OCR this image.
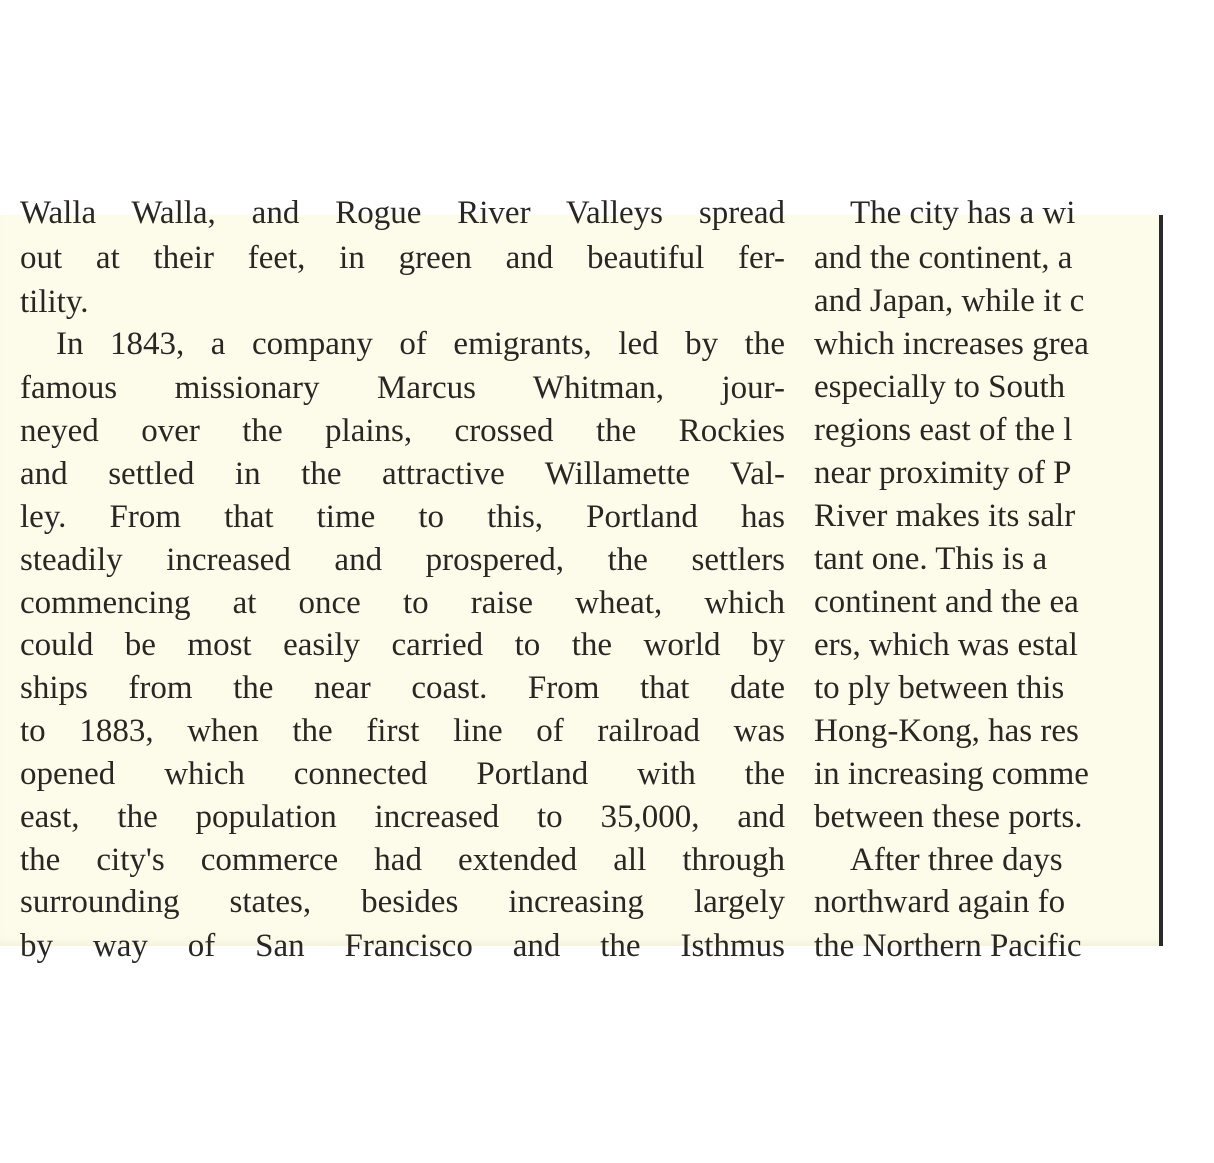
Walla Walla, and Rogue River Valleys spread
out at their feet, in green and beautiful fer-
tility.
In 1843, a company of emigrants, led by the
famous missionary Marcus Whitman, jour-
neyed over the plains, crossed the Rockies
and settled in the attractive Willamette Val-
ley. From that time to this, Portland has
steadily increased and prospered, the settlers
commencing at once to raise wheat, which
could be most easily carried to the world by
ships from the near coast. From that date
to 1883, when the first line of railroad was
opened which connected Portland with the
east, the population increased to 35,000, and
the city's commerce had extended all through
surrounding states, besides increasing largely
by way of San Francisco and the Isthmus
The city has a wi
and the continent, a
and Japan, while it c
which increases grea
especially to South
regions east of the l
near proximity of P
River makes its salr
tant one. This is a
continent and the ea
ers, which was estal
to ply between this
Hong-Kong, has res
in increasing comme
between these ports.
After three days
northward again fo
the Northern Pacific
